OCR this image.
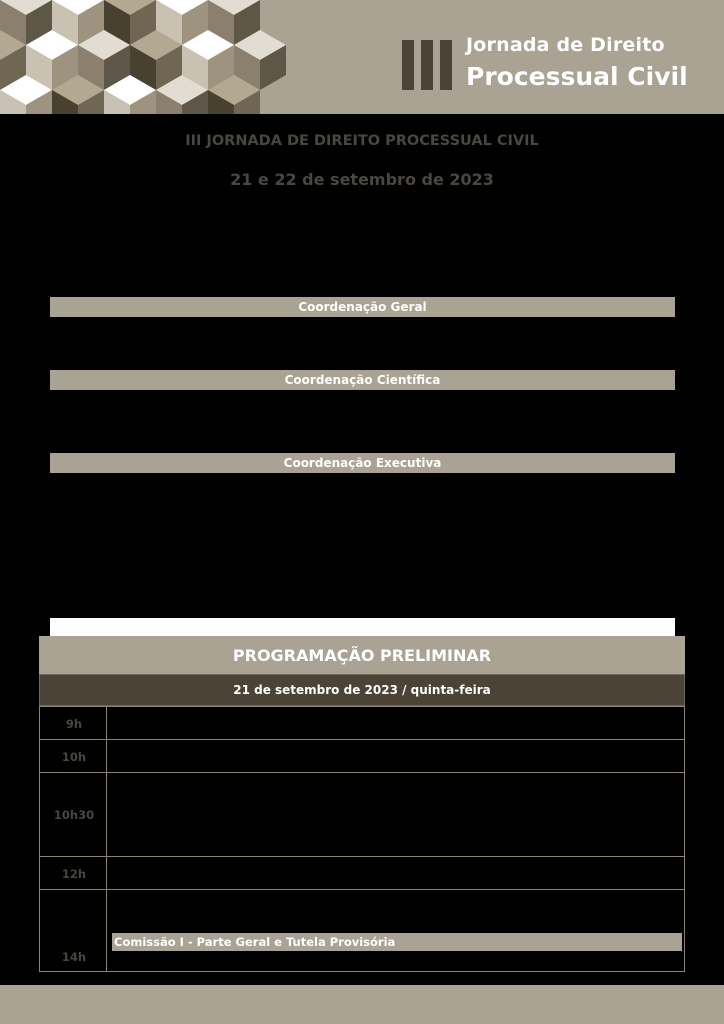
Jornada de Direito
Processual Civil
III JORNADA DE DIREITO PROCESSUAL CIVIL
21 e 22 de setembro de 2023
Coordenação Geral
Coordenação Científica
Coordenação Executiva
PROGRAMAÇÃO PRELIMINAR
21 de setembro de 2023 / quinta-feira
9h
10h
10h30
12h
14h
Comissão I - Parte Geral e Tutela Provisória
